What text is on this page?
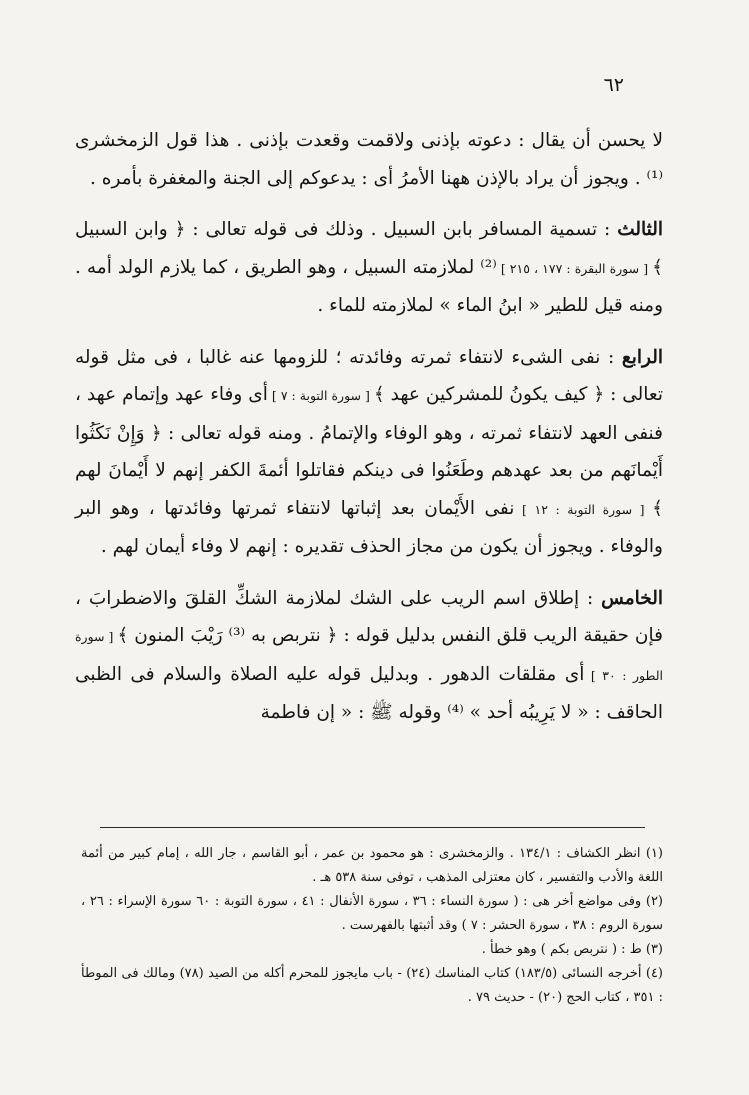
٦٢

لا يحسن أن يقال : دعوته بإذنى ولاقمت وقعدت بإذنى . هذا قول الزمخشرى ⁽¹⁾ . ويجوز أن يراد بالإذن ههنا الأمرُ أى : يدعوكم إلى الجنة والمغفرة بأمره .

الثالث : تسمية المسافر بابن السبيل . وذلك فى قوله تعالى : ﴿ وابن السبيل ﴾ [ سورة البقرة : ١٧٧ ، ٢١٥ ] ⁽²⁾ لملازمته السبيل ، وهو الطريق ، كما يلازم الولد أمه . ومنه قيل للطير « ابنُ الماء » لملازمته للماء .

الرابع : نفى الشىء لانتفاء ثمرته وفائدته ؛ للزومها عنه غالبا ، فى مثل قوله تعالى : ﴿ كيف يكونُ للمشركين عهد ﴾ [ سورة التوبة : ٧ ] أى وفاء عهد وإتمام عهد ، فنفى العهد لانتفاء ثمرته ، وهو الوفاء والإتمامُ . ومنه قوله تعالى : ﴿ وَإِنْ نَكَثُوا أَيْمانَهم من بعد عهدهم وطَعَنُوا فى دينكم فقاتلوا أئمةَ الكفر إنهم لا أَيْمانَ لهم ﴾ [ سورة التوبة : ١٢ ] نفى الأَيْمان بعد إثباتها لانتفاء ثمرتها وفائدتها ، وهو البر والوفاء . ويجوز أن يكون من مجاز الحذف تقديره : إنهم لا وفاء أيمان لهم .

الخامس : إطلاق اسم الريب على الشك لملازمة الشكِّ القلقَ والاضطرابَ ، فإن حقيقة الريب قلق النفس بدليل قوله : ﴿ نتربص به ⁽³⁾ رَيْبَ المنون ﴾ [ سورة الطور : ٣٠ ] أى مقلقات الدهور . وبدليل قوله عليه الصلاة والسلام فى الظبى الحاقف : « لا يَرِيبُه أحد » ⁽⁴⁾ وقوله ﷺ : « إن فاطمة

(١) انظر الكشاف : ١٣٤/١ . والزمخشرى : هو محمود بن عمر ، أبو القاسم ، جار الله ، إمام كبير من أئمة اللغة والأدب والتفسير ، كان معتزلى المذهب ، توفى سنة ٥٣٨ هـ .

(٢) وفى مواضع أخر هى : ( سورة النساء : ٣٦ ، سورة الأنفال : ٤١ ، سورة التوبة : ٦٠ سورة الإسراء : ٢٦ ، سورة الروم : ٣٨ ، سورة الحشر : ٧ ) وقد أثبتها بالفهرست .

(٣) ط : ( نتربص بكم ) وهو خطأ .

(٤) أخرجه النسائى (١٨٣/٥) كتاب المناسك (٢٤) - باب مايجوز للمحرم أكله من الصيد (٧٨) ومالك فى الموطأ : ٣٥١ ، كتاب الحج (٢٠) - حديث ٧٩ .
